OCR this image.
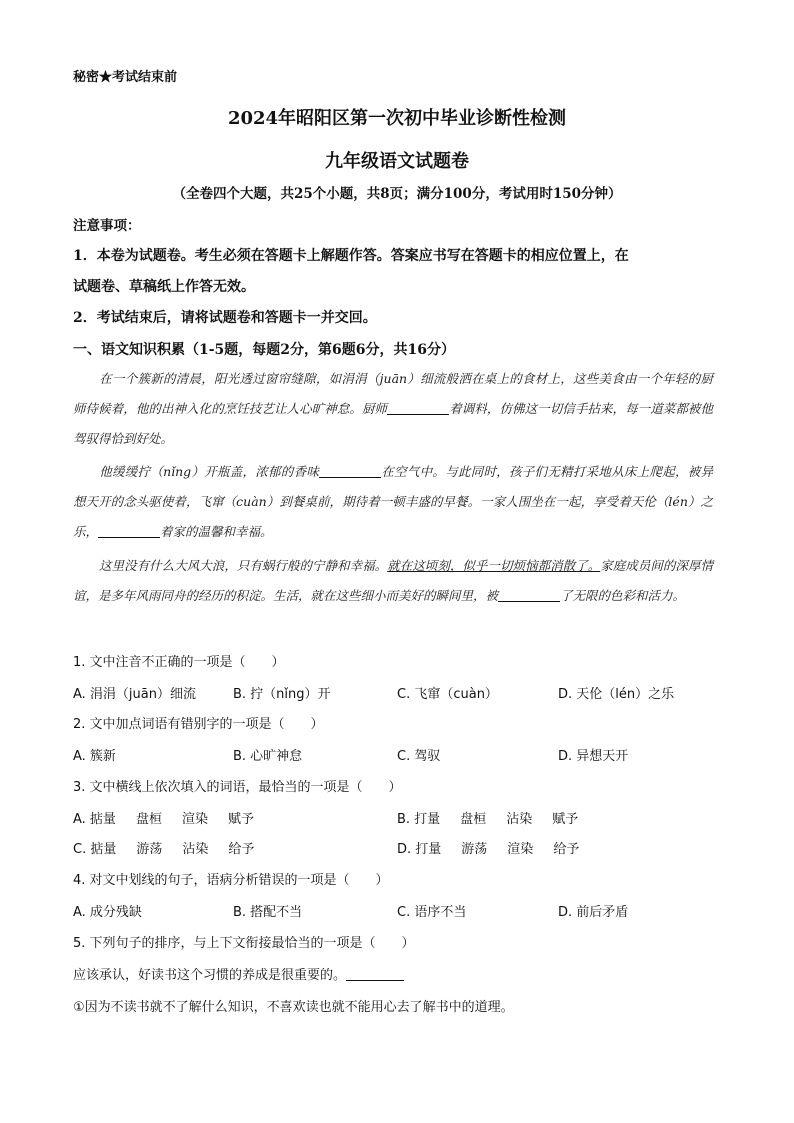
秘密★考试结束前
2024年昭阳区第一次初中毕业诊断性检测
九年级语文试题卷
（全卷四个大题，共25个小题，共8页；满分100分，考试用时150分钟）
注意事项：
1．本卷为试题卷。考生必须在答题卡上解题作答。答案应书写在答题卡的相应位置上，在
试题卷、草稿纸上作答无效。
2．考试结束后，请将试题卷和答题卡一并交回。
一、语文知识积累（1-5题，每题2分，第6题6分，共16分）
在一个簇新的清晨，阳光透过窗帘缝隙，如涓涓（juān）细流般洒在桌上的食材上，这些美食由一个年轻的厨师侍候着，他的出神入化的烹饪技艺让人心旷神怠。厨师	着调料，仿佛这一切信手拈来，每一道菜都被他驾驭得恰到好处。
他缓缓拧（nǐng）开瓶盖，浓郁的香味	在空气中。与此同时，孩子们无精打采地从床上爬起，被异想天开的念头驱使着，飞窜（cuàn）到餐桌前，期待着一顿丰盛的早餐。一家人围坐在一起，享受着天伦（lén）之乐，	着家的温馨和幸福。
这里没有什么大风大浪，只有蜗行般的宁静和幸福。就在这顷刻，似乎一切烦恼都消散了。家庭成员间的深厚情谊，是多年风雨同舟的经历的积淀。生活，就在这些细小而美好的瞬间里，被	了无限的色彩和活力。
1. 文中注音不正确的一项是（　　）
A. 涓涓（juān）细流	B. 拧（nǐng）开	C. 飞窜（cuàn）	D. 天伦（lén）之乐
2. 文中加点词语有错别字的一项是（　　）
A. 簇新	B. 心旷神怠	C. 驾驭	D. 异想天开
3. 文中横线上依次填入的词语，最恰当的一项是（　　）
A. 掂量 盘桓 渲染 赋予	B. 打量 盘桓 沾染 赋予
C. 掂量 游荡 沾染 给予	D. 打量 游荡 渲染 给予
4. 对文中划线的句子，语病分析错误的一项是（　　）
A. 成分残缺	B. 搭配不当	C. 语序不当	D. 前后矛盾
5. 下列句子的排序，与上下文衔接最恰当的一项是（　　）
应该承认，好读书这个习惯的养成是很重要的。
①因为不读书就不了解什么知识，不喜欢读也就不能用心去了解书中的道理。
